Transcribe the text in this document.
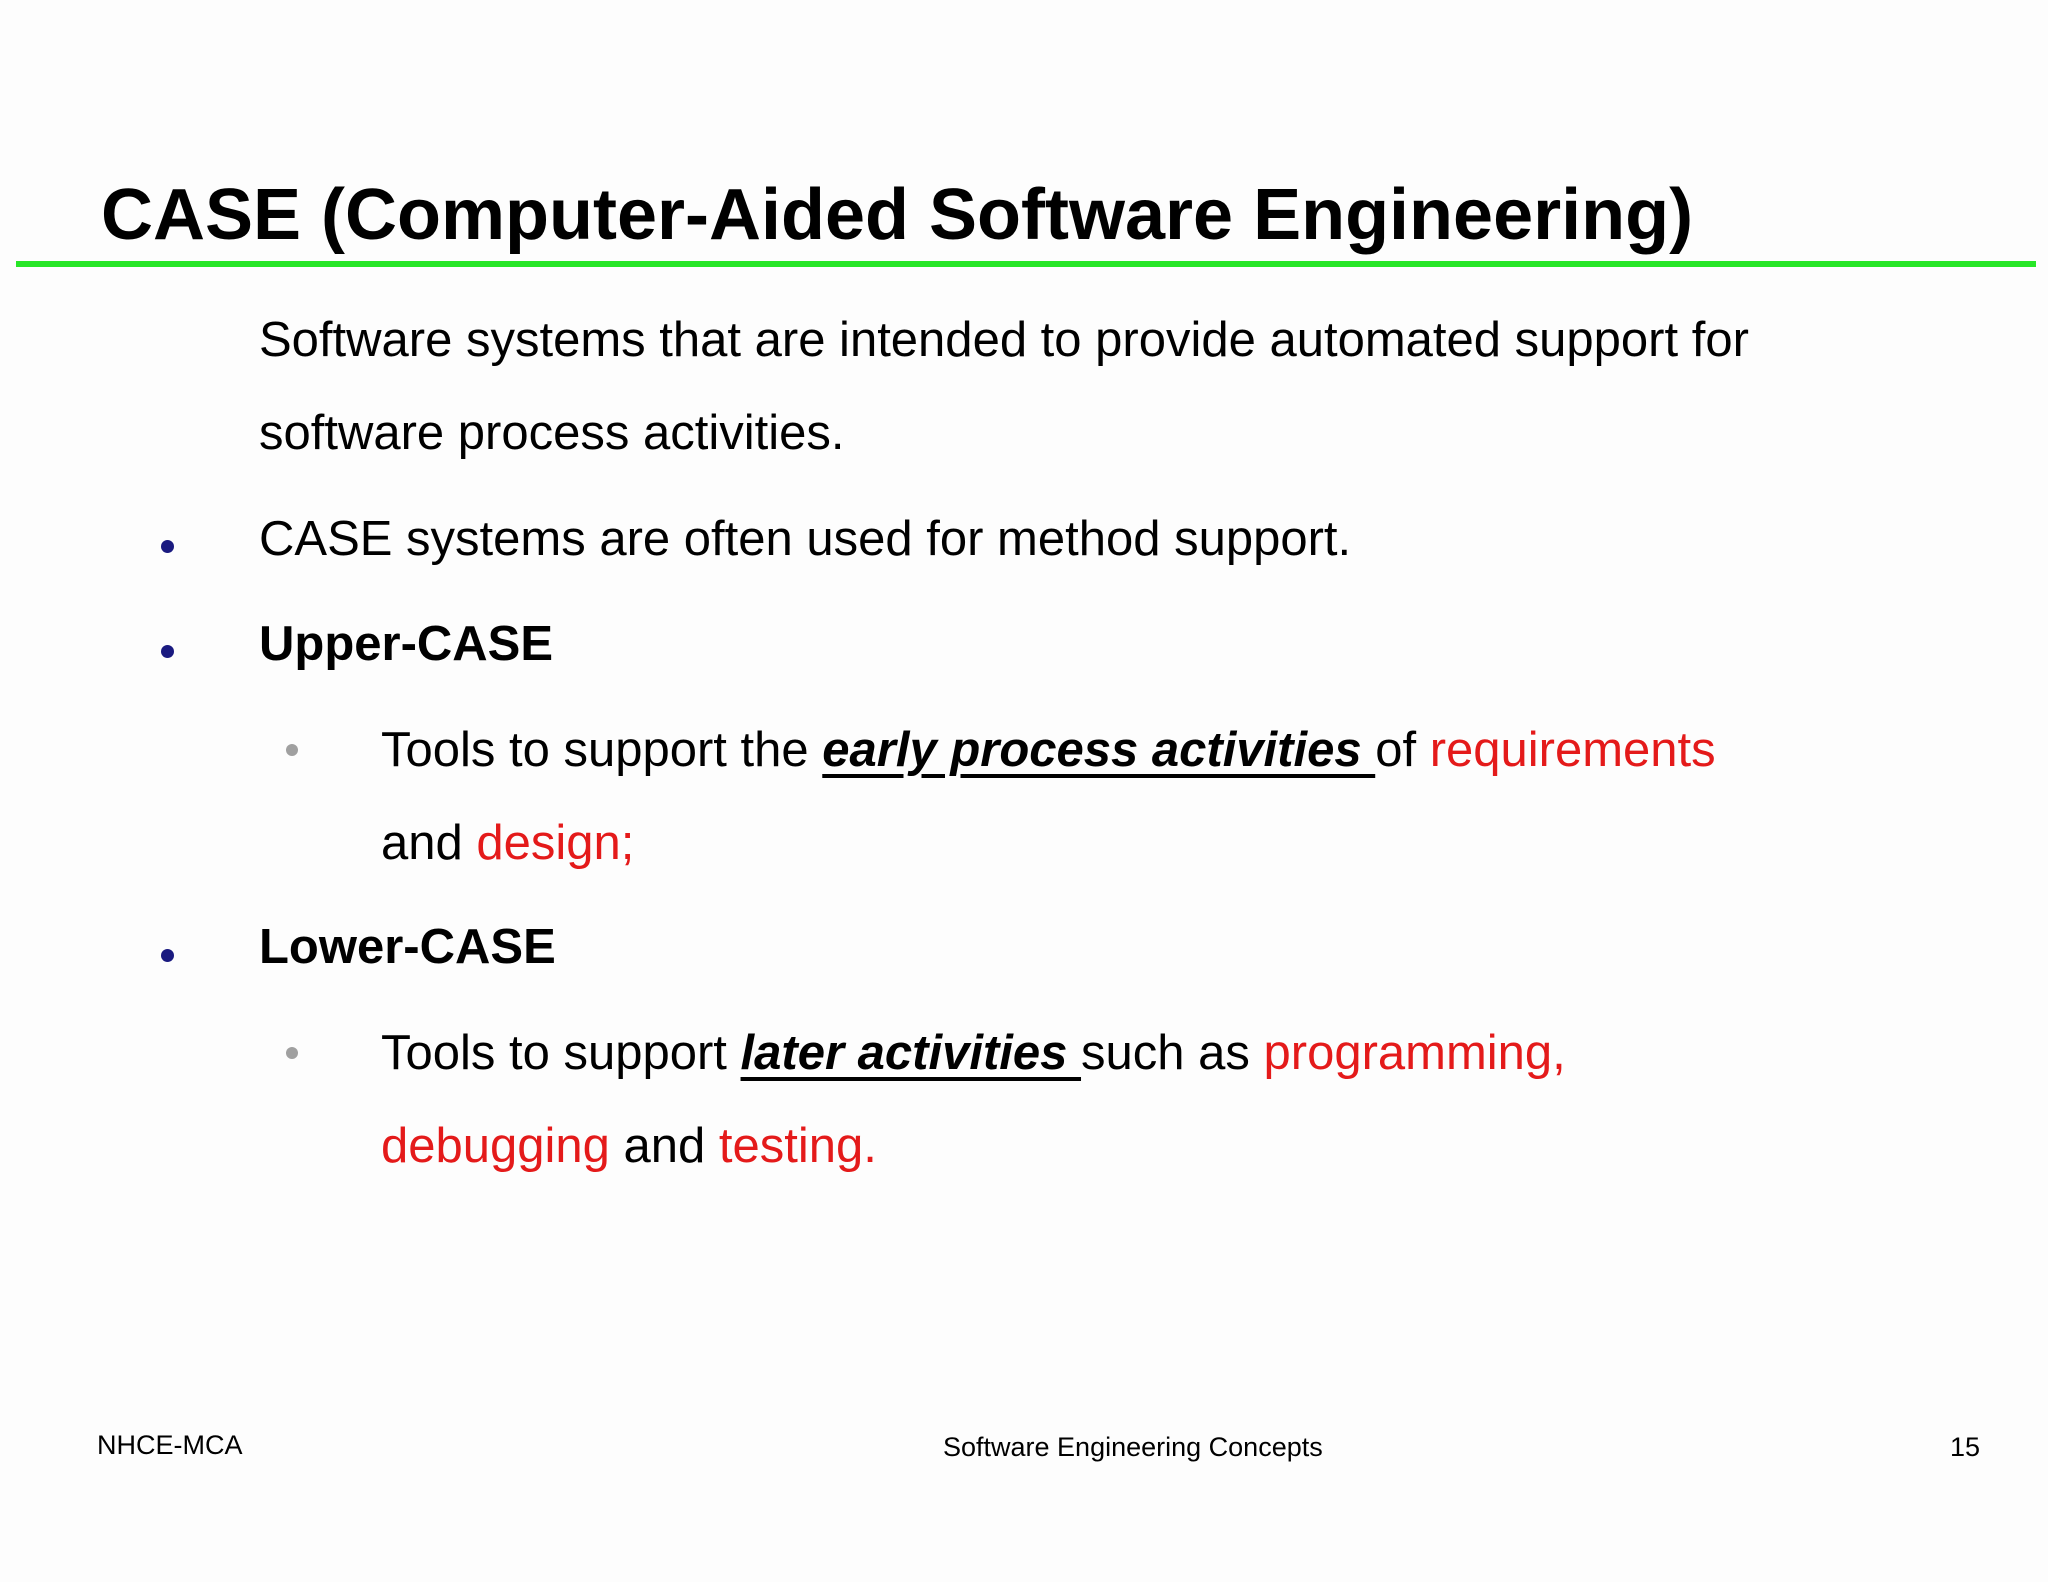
CASE (Computer-Aided Software Engineering)
Software systems that are intended to provide automated support for
software process activities.
CASE systems are often used for method support.
Upper-CASE
Tools to support the early process activities of requirements
and design;
Lower-CASE
Tools to support later activities such as programming,
debugging and testing.
NHCE-MCA	Software Engineering Concepts	15
